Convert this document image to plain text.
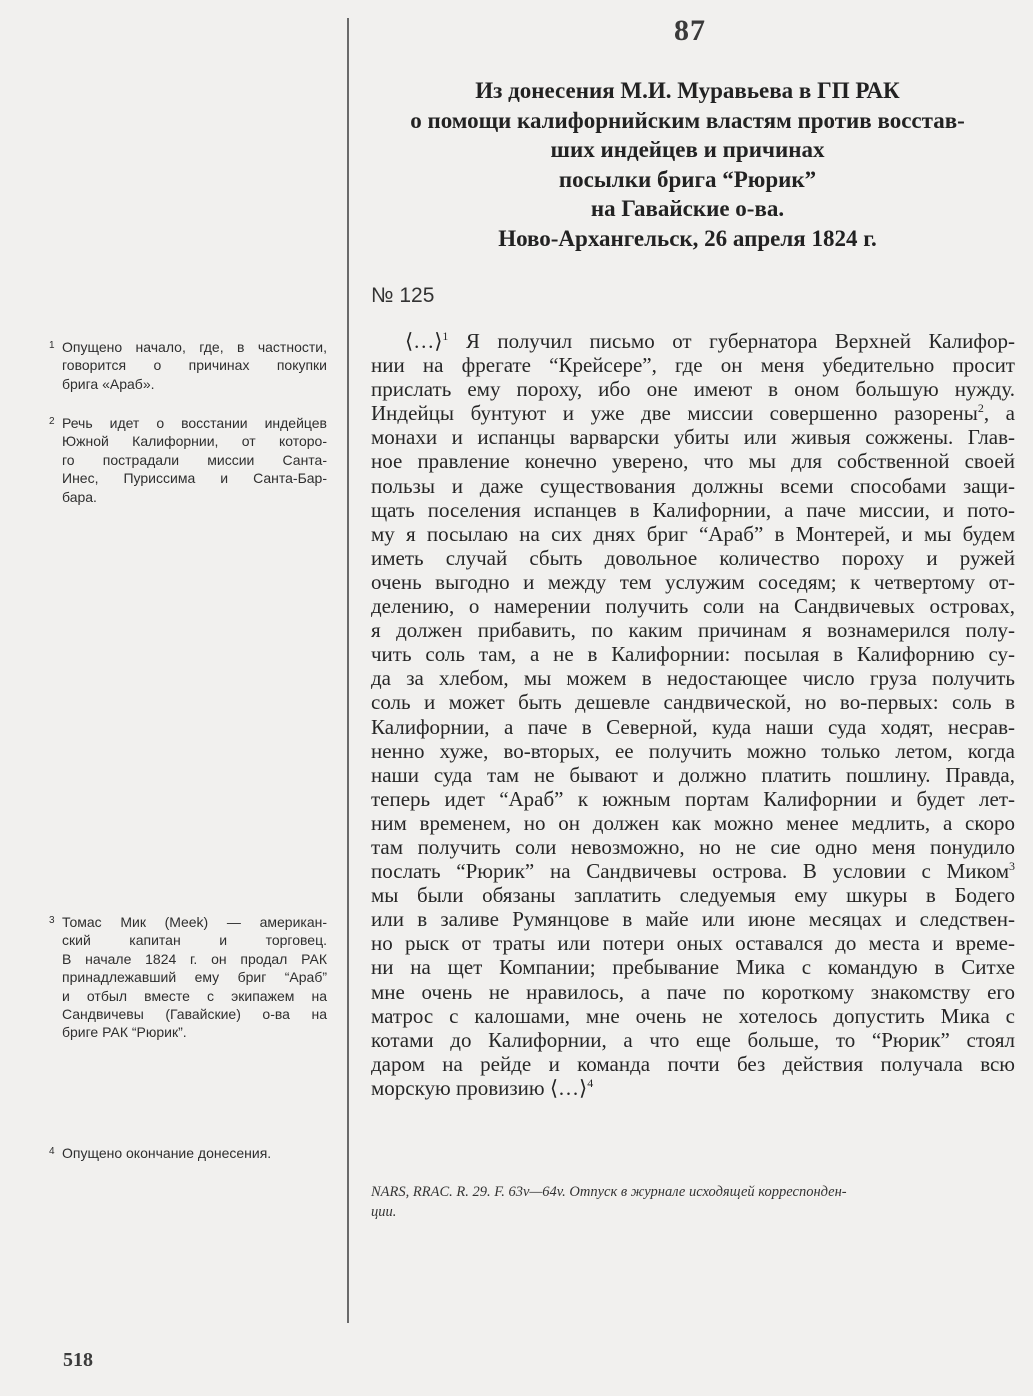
87
Из донесения М.И. Муравьева в ГП РАК
о помощи калифорнийским властям против восстав-
ших индейцев и причинах
посылки брига “Рюрик”
на Гавайские о-ва.
Ново-Архангельск, 26 апреля 1824 г.
№ 125
⟨…⟩$^1$ Я получил письмо от губернатора Верхней Калифор-
нии на фрегате “Крейсере”, где он меня убедительно просит
прислать ему пороху, ибо оне имеют в оном большую нужду.
Индейцы бунтуют и уже две миссии совершенно разорены$^2$, а
монахи и испанцы варварски убиты или живыя сожжены. Глав-
ное правление конечно уверено, что мы для собственной своей
пользы и даже существования должны всеми способами защи-
щать поселения испанцев в Калифорнии, а паче миссии, и пото-
му я посылаю на сих днях бриг “Араб” в Монтерей, и мы будем
иметь случай сбыть довольное количество пороху и ружей
очень выгодно и между тем услужим соседям; к четвертому от-
делению, о намерении получить соли на Сандвичевых островах,
я должен прибавить, по каким причинам я вознамерился полу-
чить соль там, а не в Калифорнии: посылая в Калифорнию су-
да за хлебом, мы можем в недостающее число груза получить
соль и может быть дешевле сандвической, но во-первых: соль в
Калифорнии, а паче в Северной, куда наши суда ходят, несрав-
ненно хуже, во-вторых, ее получить можно только летом, когда
наши суда там не бывают и должно платить пошлину. Правда,
теперь идет “Араб” к южным портам Калифорнии и будет лет-
ним временем, но он должен как можно менее медлить, а скоро
там получить соли невозможно, но не сие одно меня понудило
послать “Рюрик” на Сандвичевы острова. В условии с Миком$^3$
мы были обязаны заплатить следуемыя ему шкуры в Бодего
или в заливе Румянцове в майе или июне месяцах и следствен-
но рыск от траты или потери оных оставался до места и време-
ни на щет Компании; пребывание Мика с командую в Ситхе
мне очень не нравилось, а паче по короткому знакомству его
матрос с калошами, мне очень не хотелось допустить Мика с
котами до Калифорнии, а что еще больше, то “Рюрик” стоял
даром на рейде и команда почти без действия получала всю
морскую провизию ⟨…⟩$^4$
NARS, RRAC. R. 29. F. 63v—64v. Отпуск в журнале исходящей корреспонден-
ции.
1 Опущено начало, где, в частности,
говорится о причинах покупки
брига «Араб».
2 Речь идет о восстании индейцев
Южной Калифорнии, от которо-
го пострадали миссии Санта-
Инес, Пуриссима и Санта-Бар-
бара.
3 Томас Мик (Meek) — американ-
ский капитан и торговец.
В начале 1824 г. он продал РАК
принадлежавший ему бриг “Араб”
и отбыл вместе с экипажем на
Сандвичевы (Гавайские) о-ва на
бриге РАК “Рюрик”.
4 Опущено окончание донесения.
518
